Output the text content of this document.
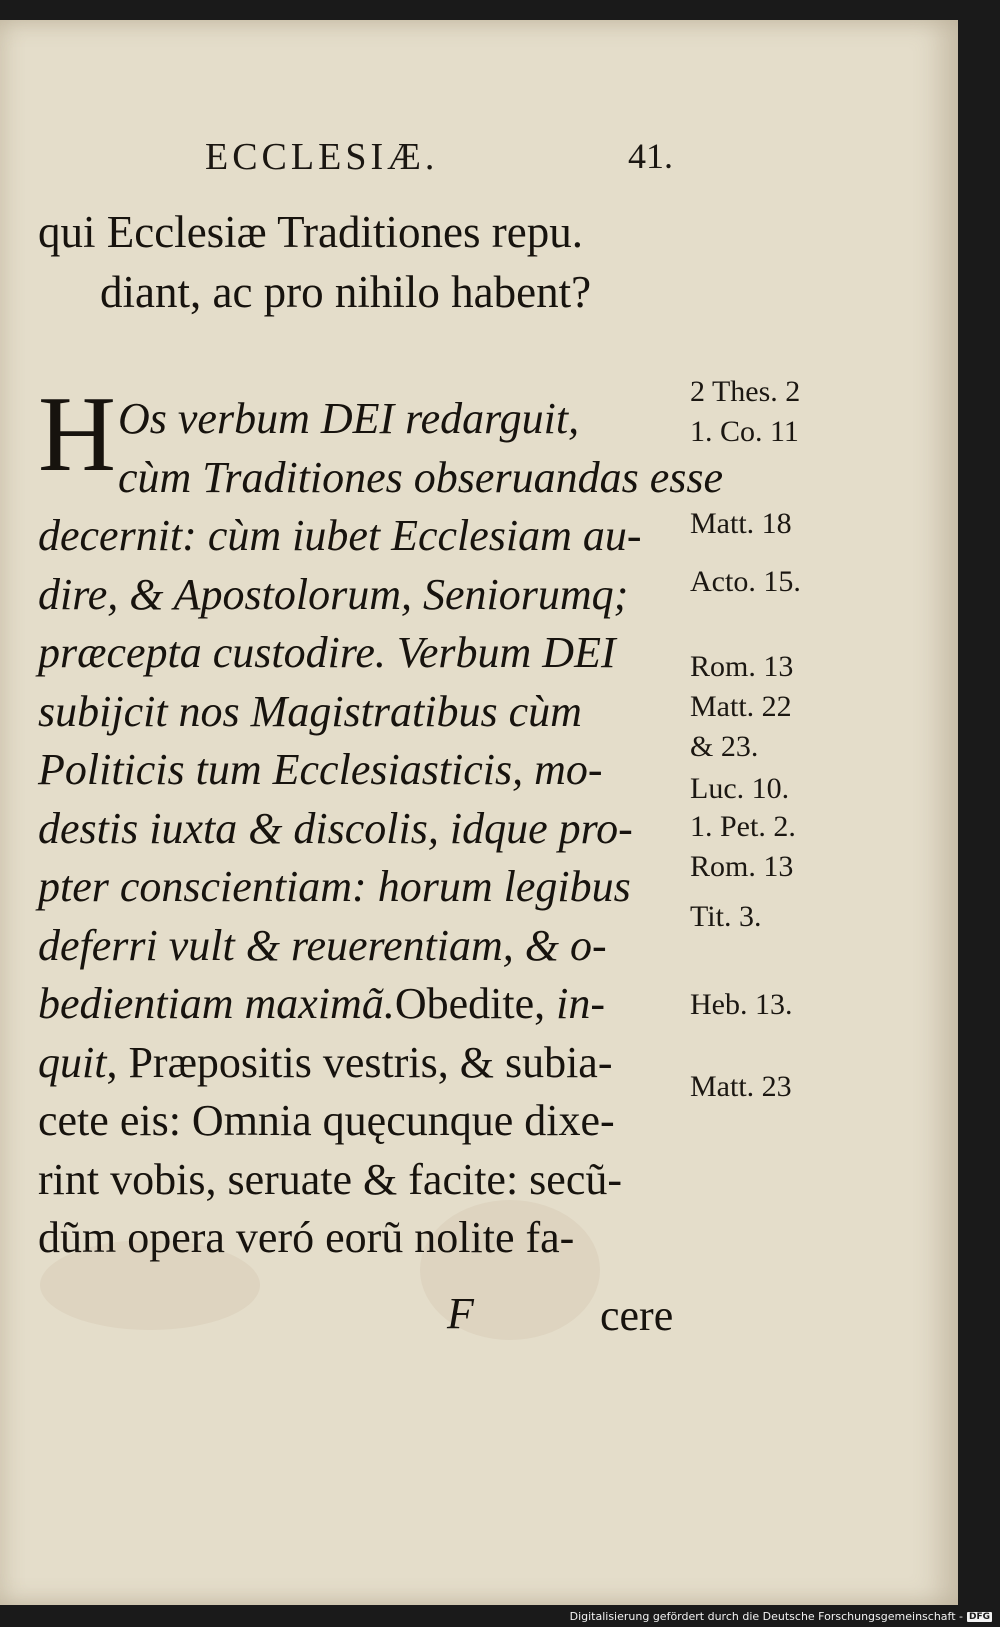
ECCLESIÆ.	41.
qui Ecclesiæ Traditiones repu.
diant, ac pro nihilo habent?
H Os verbum DEI redarguit,
cùm Traditiones obseruandas esse
decernit: cùm iubet Ecclesiam au-
dire, & Apostolorum, Seniorumq;
præcepta custodire. Verbum DEI
subijcit nos Magistratibus cùm
Politicis tum Ecclesiasticis, mo-
destis iuxta & discolis, idque pro-
pter conscientiam: horum legibus
deferri vult & reuerentiam, & o-
bedientiam maximã.Obedite, in-
quit, Præpositis vestris, & subia-
cete eis: Omnia quęcunque dixe-
rint vobis, seruate & facite: secũ-
dũm opera veró eorũ nolite fa-
2 Thes. 2
1. Co. 11
Matt. 18
Acto. 15.
Rom. 13
Matt. 22
& 23.
Luc. 10.
1. Pet. 2.
Rom. 13
Tit. 3.
Heb. 13.
Matt. 23
F	cere
Digitalisierung gefördert durch die Deutsche Forschungsgemeinschaft - DFG
